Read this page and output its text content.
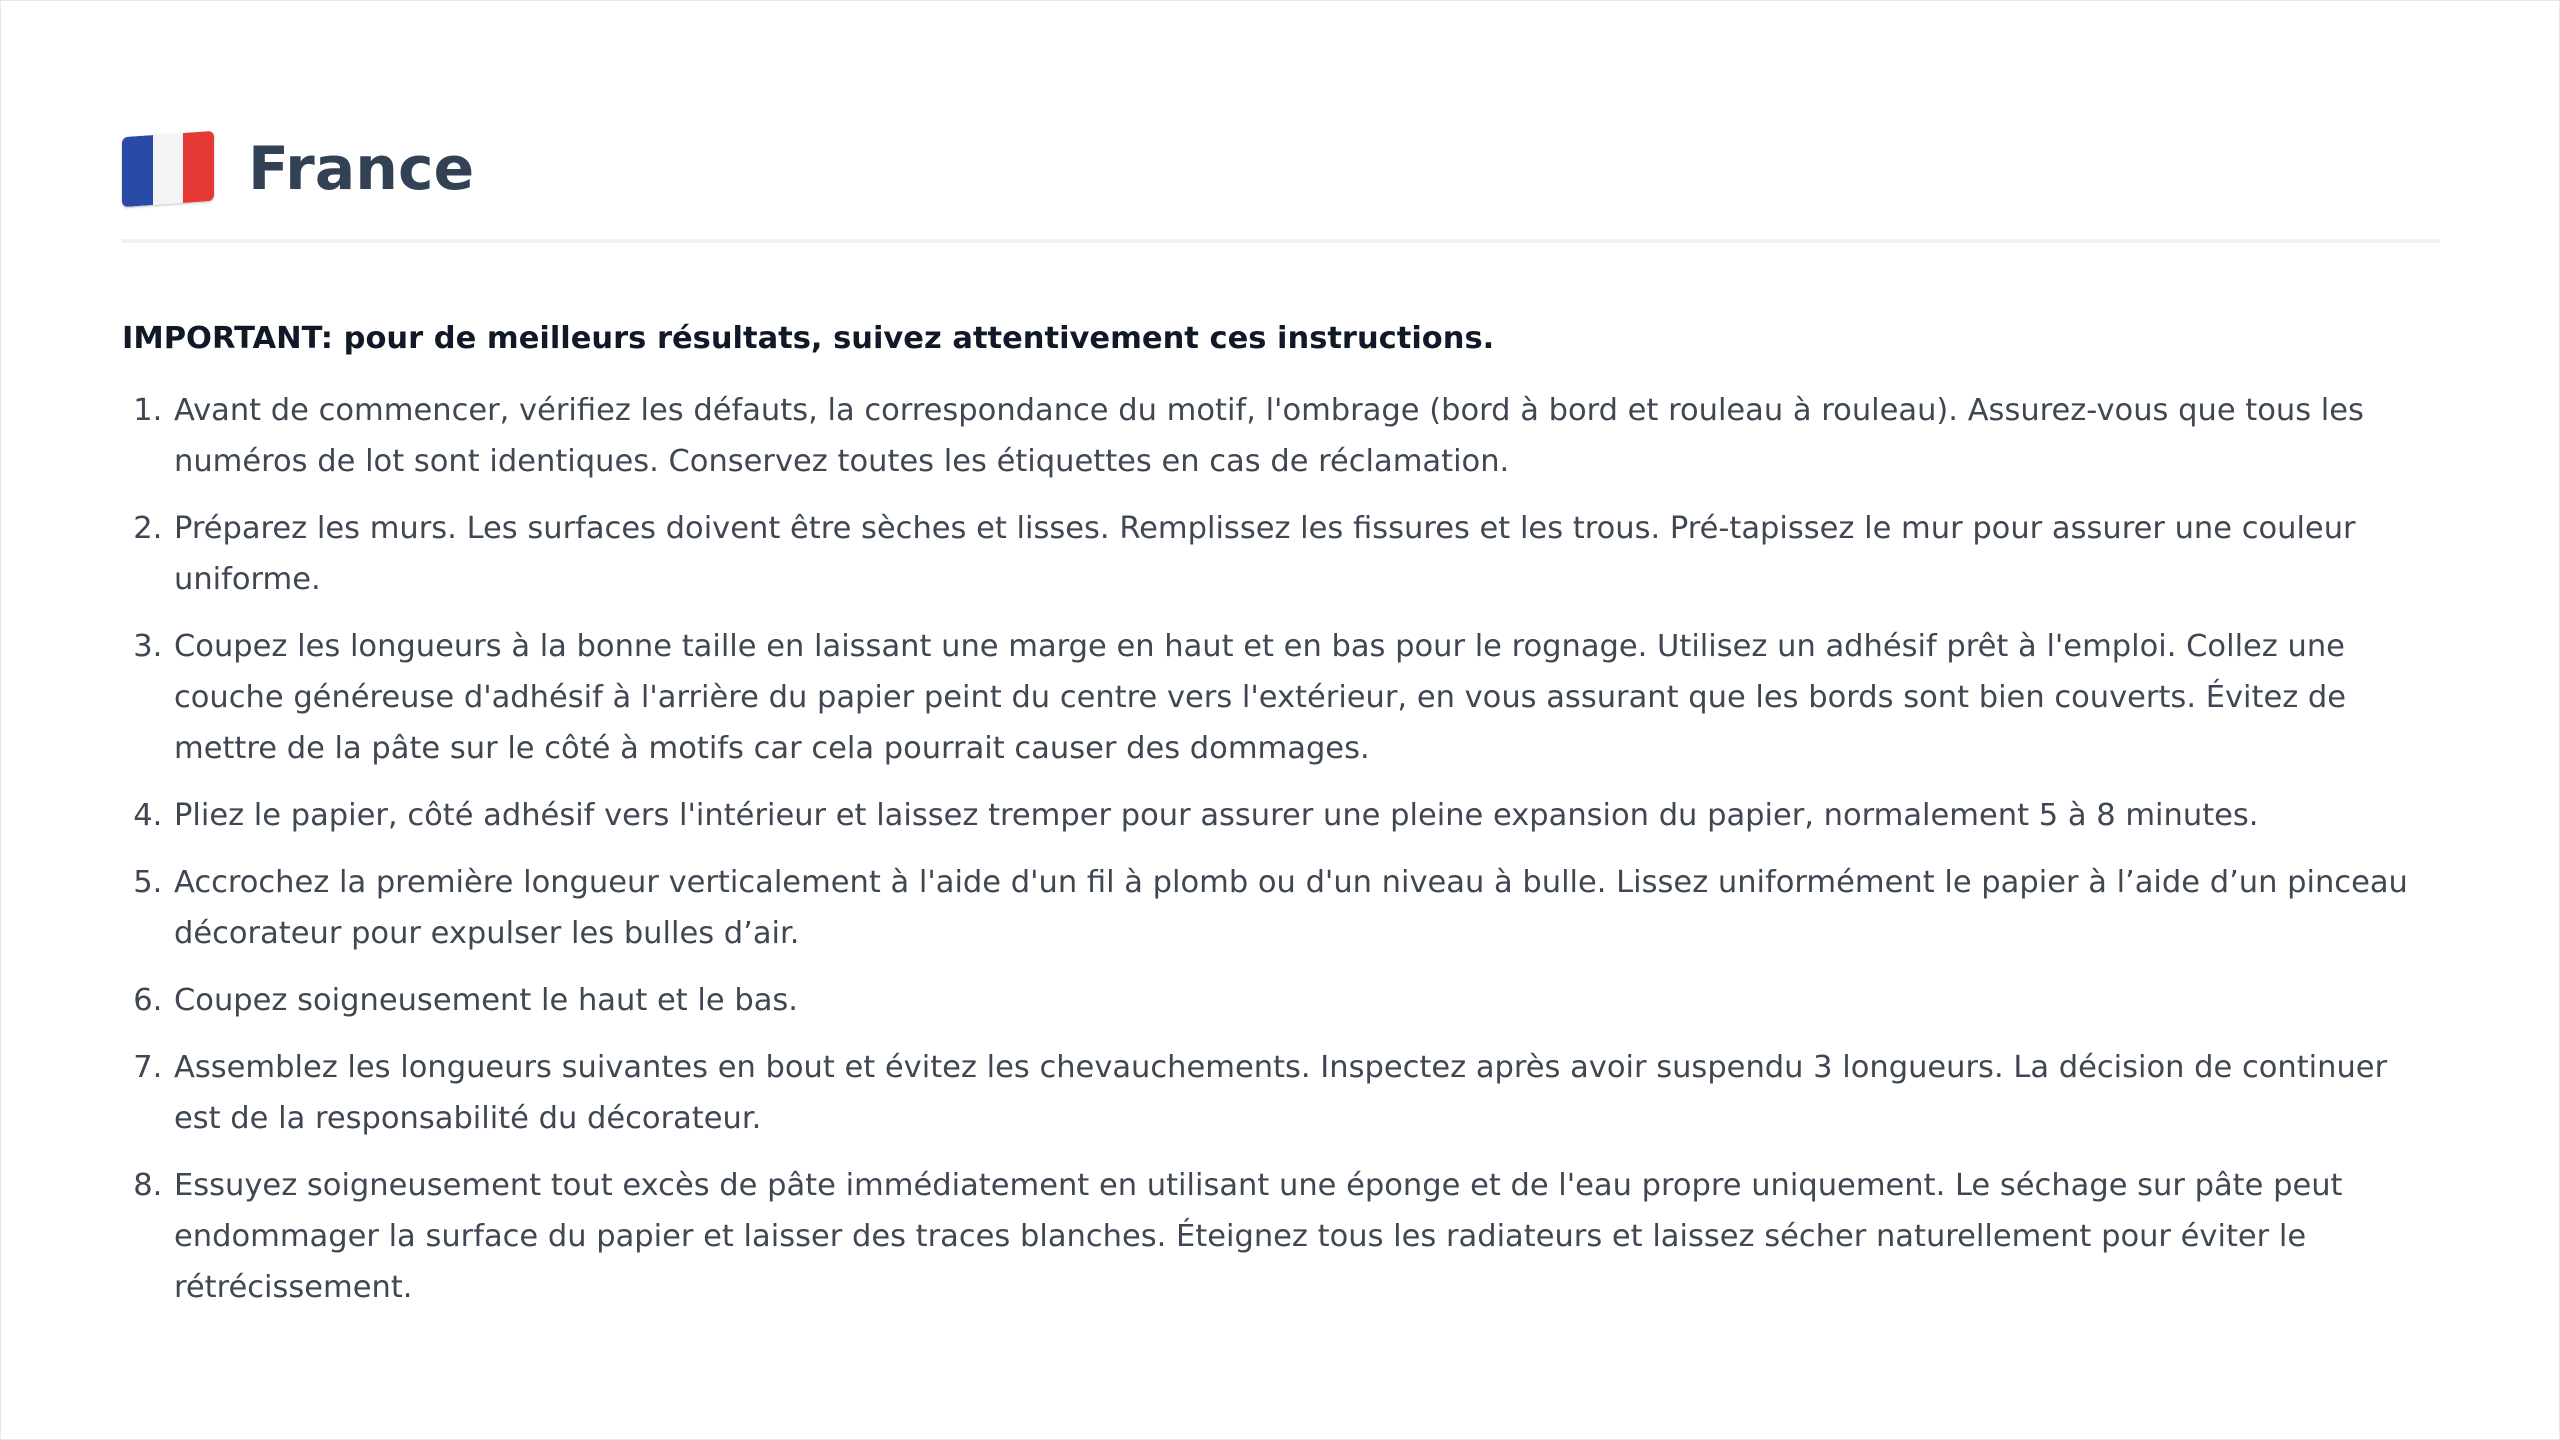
France
IMPORTANT: pour de meilleurs résultats, suivez attentivement ces instructions.
1. Avant de commencer, vérifiez les défauts, la correspondance du motif, l'ombrage (bord à bord et rouleau à rouleau). Assurez-vous que tous les numéros de lot sont identiques. Conservez toutes les étiquettes en cas de réclamation.
2. Préparez les murs. Les surfaces doivent être sèches et lisses. Remplissez les fissures et les trous. Pré-tapissez le mur pour assurer une couleur uniforme.
3. Coupez les longueurs à la bonne taille en laissant une marge en haut et en bas pour le rognage. Utilisez un adhésif prêt à l'emploi. Collez une couche généreuse d'adhésif à l'arrière du papier peint du centre vers l'extérieur, en vous assurant que les bords sont bien couverts. Évitez de mettre de la pâte sur le côté à motifs car cela pourrait causer des dommages.
4. Pliez le papier, côté adhésif vers l'intérieur et laissez tremper pour assurer une pleine expansion du papier, normalement 5 à 8 minutes.
5. Accrochez la première longueur verticalement à l'aide d'un fil à plomb ou d'un niveau à bulle. Lissez uniformément le papier à l’aide d’un pinceau décorateur pour expulser les bulles d’air.
6. Coupez soigneusement le haut et le bas.
7. Assemblez les longueurs suivantes en bout et évitez les chevauchements. Inspectez après avoir suspendu 3 longueurs. La décision de continuer est de la responsabilité du décorateur.
8. Essuyez soigneusement tout excès de pâte immédiatement en utilisant une éponge et de l'eau propre uniquement. Le séchage sur pâte peut endommager la surface du papier et laisser des traces blanches. Éteignez tous les radiateurs et laissez sécher naturellement pour éviter le rétrécissement.
